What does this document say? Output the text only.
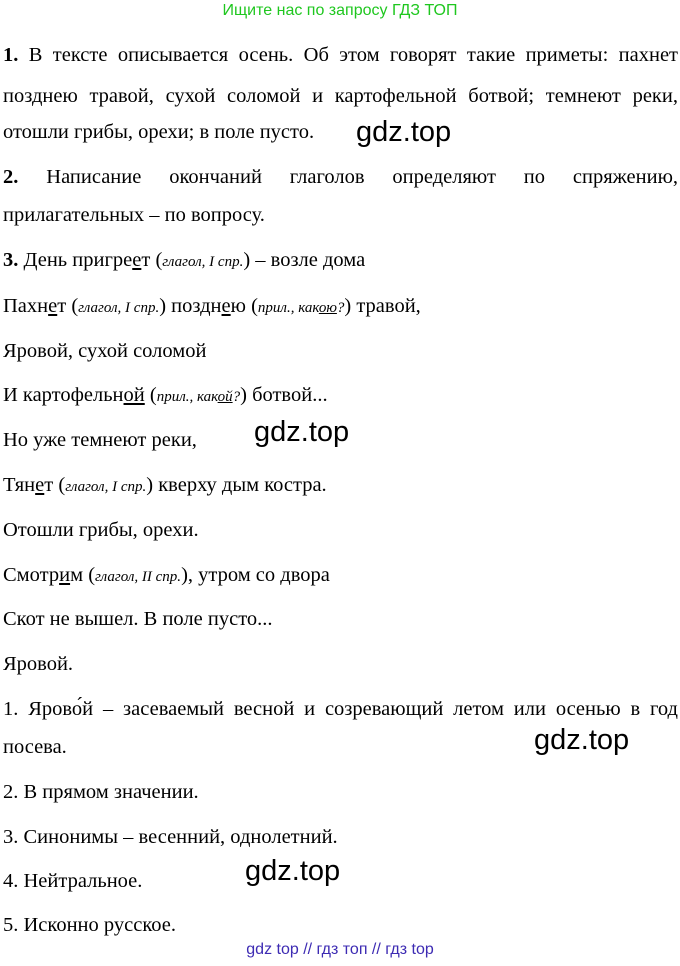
Ищите нас по запросу ГДЗ ТОП
1. В тексте описывается осень. Об этом говорят такие приметы: пахнет
позднею травой, сухой соломой и картофельной ботвой; темнеют реки,
отошли грибы, орехи; в поле пусто.
2. Написание окончаний глаголов определяют по спряжению,
прилагательных – по вопросу.
3. День пригреет (глагол, I спр.) – возле дома
Пахнет (глагол, I спр.) позднею (прил., какою?) травой,
Яровой, сухой соломой
И картофельной (прил., какой?) ботвой...
Но уже темнеют реки,
Тянет (глагол, I спр.) кверху дым костра.
Отошли грибы, орехи.
Смотрим (глагол, II спр.), утром со двора
Скот не вышел. В поле пусто...
Яровой.
1. Ярово́й – засеваемый весной и созревающий летом или осенью в год
посева.
2. В прямом значении.
3. Синонимы – весенний, однолетний.
4. Нейтральное.
5. Исконно русское.
gdz.top
gdz.top
gdz.top
gdz.top
gdz top // гдз топ // гдз top
